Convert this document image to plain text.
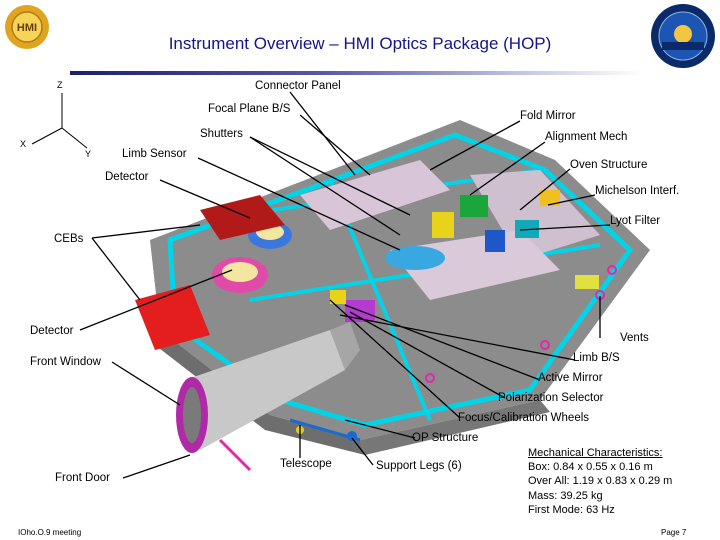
HMI
Instrument Overview – HMI Optics Package (HOP)
Z
X
Y
Connector Panel
Focal Plane B/S
Fold Mirror
Shutters	Alignment Mech
Limb Sensor
Oven Structure
Detector
Michelson Interf.
Lyot Filter
CEBs
Detector
Vents
Front Window	Limb B/S
Active Mirror
Polarization Selector
Focus/Calibration Wheels
OP Structure
Telescope	Support Legs (6)
Front Door
Mechanical Characteristics:
Box: 0.84 x 0.55 x 0.16 m
Over All: 1.19 x 0.83 x 0.29 m
Mass: 39.25 kg
First Mode: 63 Hz
IOho.O.9 meeting	Page 7
